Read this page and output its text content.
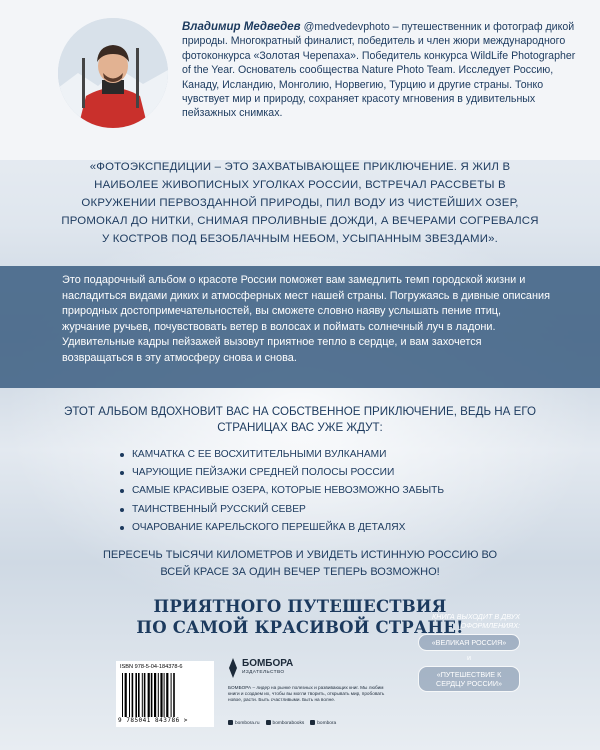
Владимир Медведев @medvedevphoto – путешественник и фотограф дикой природы. Многократный финалист, победитель и член жюри международного фотоконкурса «Золотая Черепаха». Победитель конкурса WildLife Photographer of the Year. Основатель сообщества Nature Photo Team. Исследует Россию, Канаду, Исландию, Монголию, Норвегию, Турцию и другие страны. Тонко чувствует мир и природу, сохраняет красоту мгновения в удивительных пейзажных снимках.
«ФОТОЭКСПЕДИЦИИ – ЭТО ЗАХВАТЫВАЮЩЕЕ ПРИКЛЮЧЕНИЕ. Я ЖИЛ В НАИБОЛЕЕ ЖИВОПИСНЫХ УГОЛКАХ РОССИИ, ВСТРЕЧАЛ РАССВЕТЫ В ОКРУЖЕНИИ ПЕРВОЗДАННОЙ ПРИРОДЫ, ПИЛ ВОДУ ИЗ ЧИСТЕЙШИХ ОЗЕР, ПРОМОКАЛ ДО НИТКИ, СНИМАЯ ПРОЛИВНЫЕ ДОЖДИ, А ВЕЧЕРАМИ СОГРЕВАЛСЯ У КОСТРОВ ПОД БЕЗОБЛАЧНЫМ НЕБОМ, УСЫПАННЫМ ЗВЕЗДАМИ».

Это подарочный альбом о красоте России поможет вам замедлить темп городской жизни и насладиться видами диких и атмосферных мест нашей страны. Погружаясь в дивные описания природных достопримечательностей, вы сможете словно наяву услышать пение птиц, журчание ручьев, почувствовать ветер в волосах и поймать солнечный луч в ладони. Удивительные кадры пейзажей вызовут приятное тепло в сердце, и вам захочется возвращаться в эту атмосферу снова и снова.

ЭТОТ АЛЬБОМ ВДОХНОВИТ ВАС НА СОБСТВЕННОЕ ПРИКЛЮЧЕНИЕ, ВЕДЬ НА ЕГО СТРАНИЦАХ ВАС УЖЕ ЖДУТ:
КАМЧАТКА С ЕЕ ВОСХИТИТЕЛЬНЫМИ ВУЛКАНАМИ
ЧАРУЮЩИЕ ПЕЙЗАЖИ СРЕДНЕЙ ПОЛОСЫ РОССИИ
САМЫЕ КРАСИВЫЕ ОЗЕРА, КОТОРЫЕ НЕВОЗМОЖНО ЗАБЫТЬ
ТАИНСТВЕННЫЙ РУССКИЙ СЕВЕР
ОЧАРОВАНИЕ КАРЕЛЬСКОГО ПЕРЕШЕЙКА В ДЕТАЛЯХ
ПЕРЕСЕЧЬ ТЫСЯЧИ КИЛОМЕТРОВ И УВИДЕТЬ ИСТИННУЮ РОССИЮ ВО ВСЕЙ КРАСЕ ЗА ОДИН ВЕЧЕР ТЕПЕРЬ ВОЗМОЖНО!
ПРИЯТНОГО ПУТЕШЕСТВИЯ
ПО САМОЙ КРАСИВОЙ СТРАНЕ!
ISBN 978-5-04-184378-6
9 785041 843786 >
БОМБОРА
ИЗДАТЕЛЬСТВО
БОМБОРА – лидер на рынке полезных и развивающих книг. Мы любим книги и создаем их, чтобы вы могли творить, открывать мир, пробовать новое, расти. Быть счастливыми. Быть на волне.
bombora.ru	bomborabooks	bombora
КНИГА ВЫХОДИТ В ДВУХ ОФОРМЛЕНИЯХ:
«ВЕЛИКАЯ РОССИЯ»
и
«ПУТЕШЕСТВИЕ К СЕРДЦУ РОССИИ»
